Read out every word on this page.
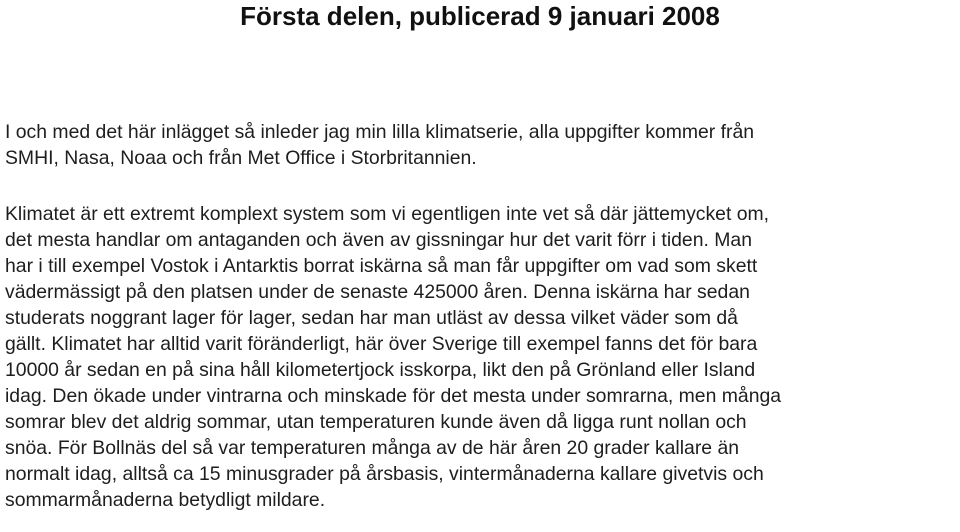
Första delen, publicerad 9 januari 2008

I och med det här inlägget så inleder jag min lilla klimatserie, alla uppgifter kommer från
SMHI, Nasa, Noaa och från Met Office i Storbritannien.

Klimatet är ett extremt komplext system som vi egentligen inte vet så där jättemycket om,
det mesta handlar om antaganden och även av gissningar hur det varit förr i tiden. Man
har i till exempel Vostok i Antarktis borrat iskärna så man får uppgifter om vad som skett
vädermässigt på den platsen under de senaste 425000 åren. Denna iskärna har sedan
studerats noggrant lager för lager, sedan har man utläst av dessa vilket väder som då
gällt. Klimatet har alltid varit föränderligt, här över Sverige till exempel fanns det för bara
10000 år sedan en på sina håll kilometertjock isskorpa, likt den på Grönland eller Island
idag. Den ökade under vintrarna och minskade för det mesta under somrarna, men många
somrar blev det aldrig sommar, utan temperaturen kunde även då ligga runt nollan och
snöa. För Bollnäs del så var temperaturen många av de här åren 20 grader kallare än
normalt idag, alltså ca 15 minusgrader på årsbasis, vintermånaderna kallare givetvis och
sommarmånaderna betydligt mildare.
